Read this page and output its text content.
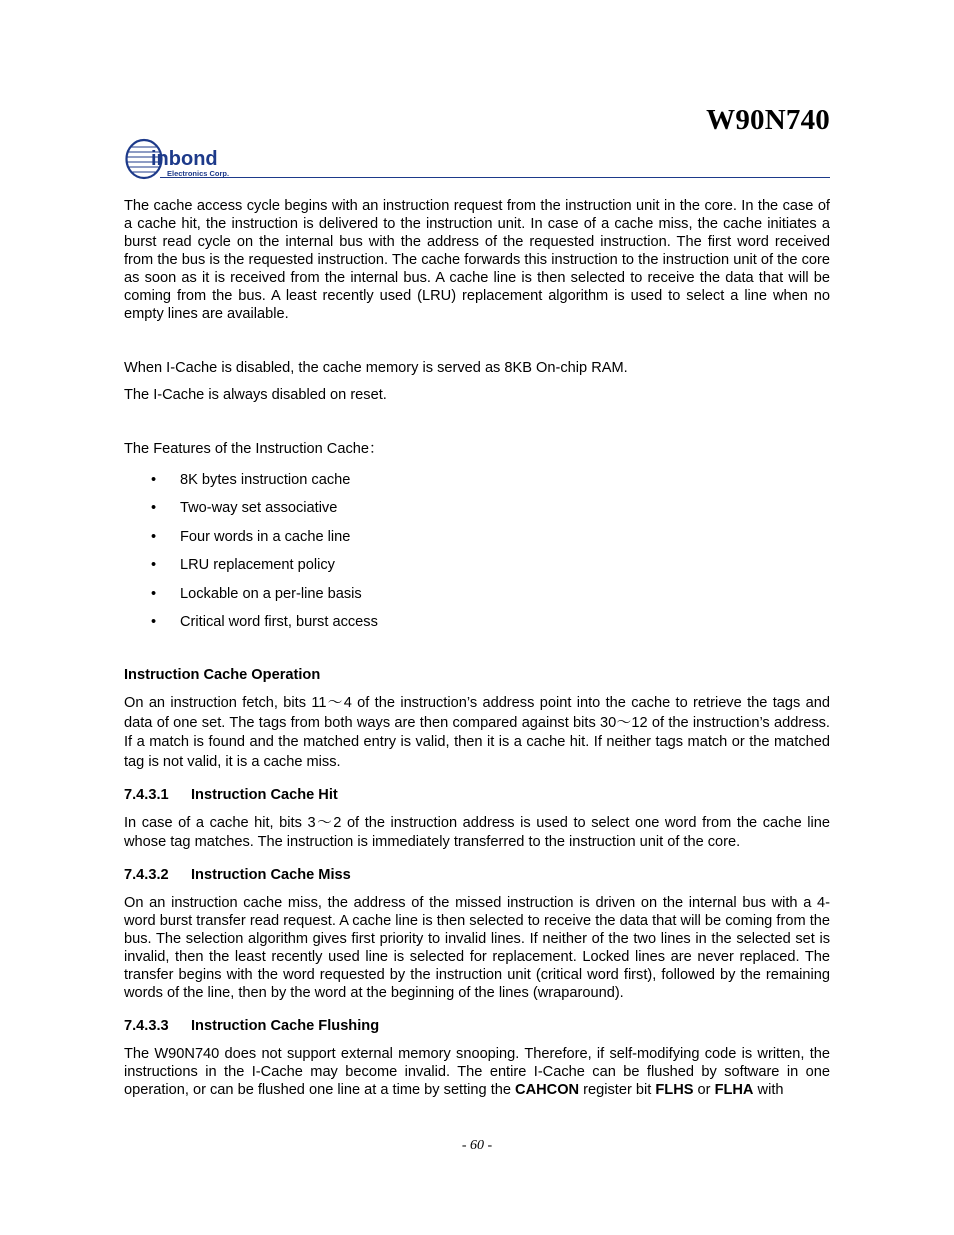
W90N740
inbond
Electronics Corp.

The cache access cycle begins with an instruction request from the instruction unit in the core. In the case of a cache hit, the instruction is delivered to the instruction unit. In case of a cache miss, the cache initiates a burst read cycle on the internal bus with the address of the requested instruction. The first word received from the bus is the requested instruction. The cache forwards this instruction to the instruction unit of the core as soon as it is received from the internal bus. A cache line is then selected to receive the data that will be coming from the bus. A least recently used (LRU) replacement algorithm is used to select a line when no empty lines are available.

When I-Cache is disabled, the cache memory is served as 8KB On-chip RAM.

The I-Cache is always disabled on reset.

The Features of the Instruction Cache：

• 8K bytes instruction cache
• Two-way set associative
• Four words in a cache line
• LRU replacement policy
• Lockable on a per-line basis
• Critical word first, burst access

Instruction Cache Operation

On an instruction fetch, bits 11～4 of the instruction’s address point into the cache to retrieve the tags and data of one set. The tags from both ways are then compared against bits 30～12 of the instruction’s address. If a match is found and the matched entry is valid, then it is a cache hit. If neither tags match or the matched tag is not valid, it is a cache miss.

7.4.3.1 Instruction Cache Hit

In case of a cache hit, bits 3～2 of the instruction address is used to select one word from the cache line whose tag matches. The instruction is immediately transferred to the instruction unit of the core.

7.4.3.2 Instruction Cache Miss

On an instruction cache miss, the address of the missed instruction is driven on the internal bus with a 4-word burst transfer read request. A cache line is then selected to receive the data that will be coming from the bus. The selection algorithm gives first priority to invalid lines. If neither of the two lines in the selected set is invalid, then the least recently used line is selected for replacement. Locked lines are never replaced. The transfer begins with the word requested by the instruction unit (critical word first), followed by the remaining words of the line, then by the word at the beginning of the lines (wraparound).

7.4.3.3 Instruction Cache Flushing

The W90N740 does not support external memory snooping. Therefore, if self-modifying code is written, the instructions in the I-Cache may become invalid. The entire I-Cache can be flushed by software in one operation, or can be flushed one line at a time by setting the CAHCON register bit FLHS or FLHA with

- 60 -
